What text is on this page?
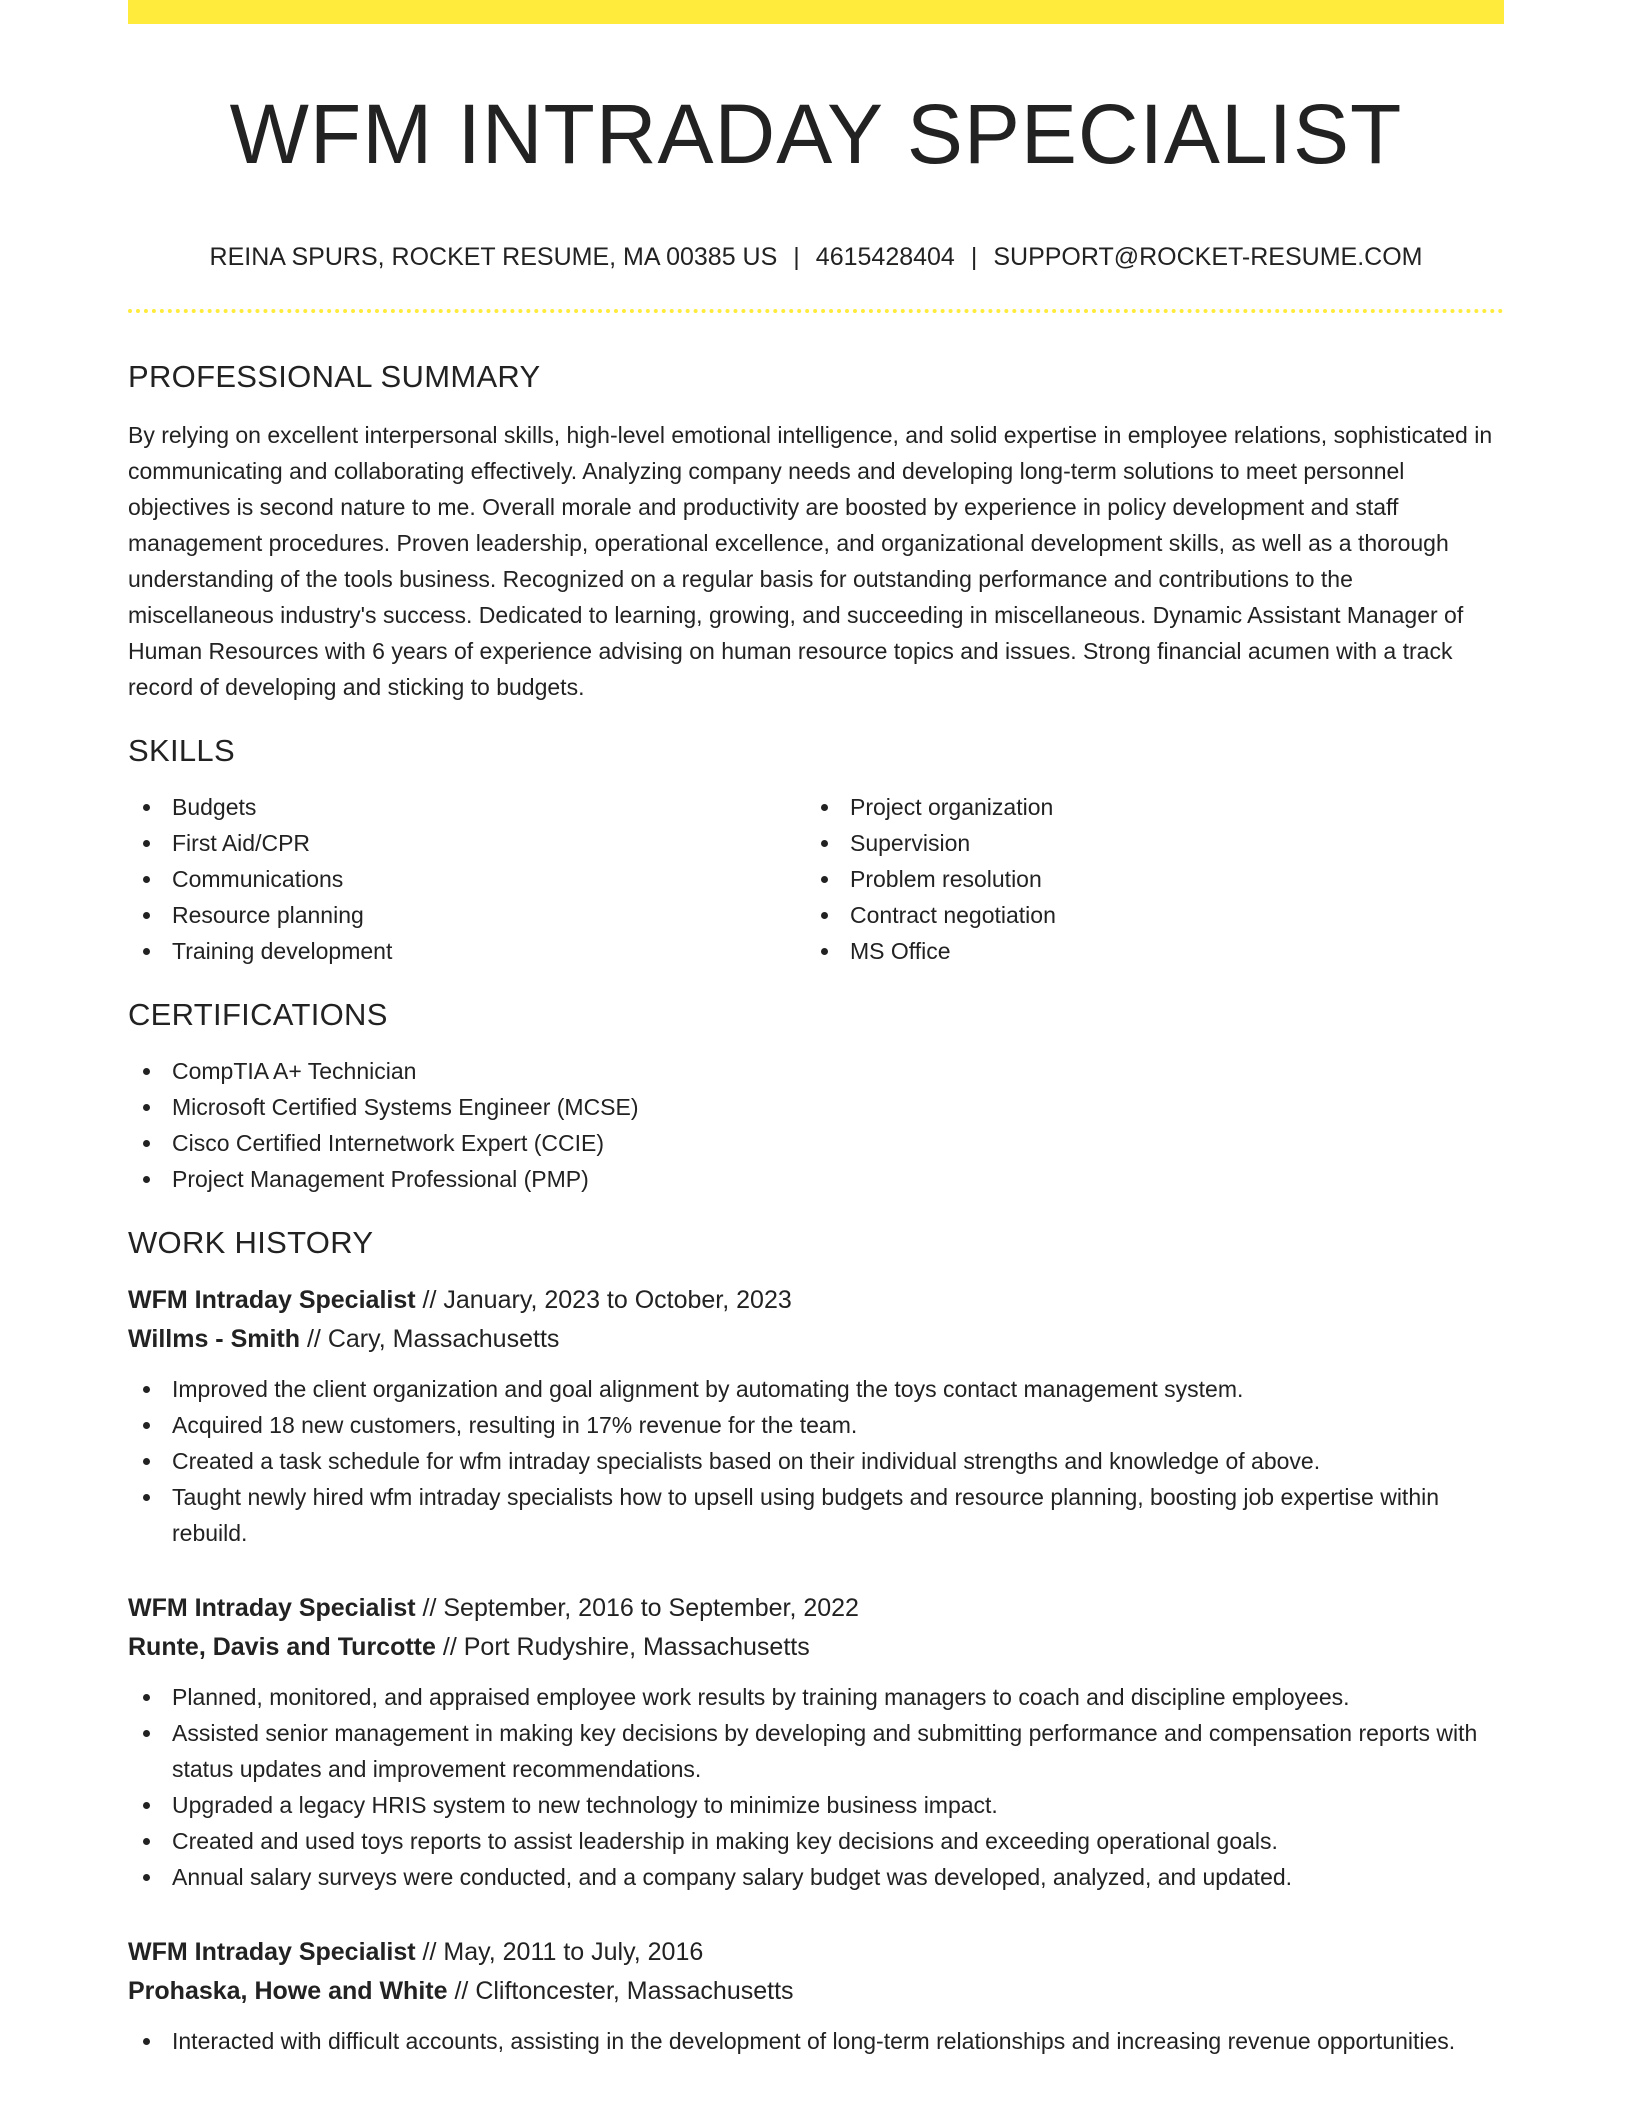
WFM INTRADAY SPECIALIST
REINA SPURS, ROCKET RESUME, MA 00385 US | 4615428404 | SUPPORT@ROCKET-RESUME.COM
PROFESSIONAL SUMMARY

By relying on excellent interpersonal skills, high-level emotional intelligence, and solid expertise in employee relations, sophisticated in communicating and collaborating effectively. Analyzing company needs and developing long-term solutions to meet personnel objectives is second nature to me. Overall morale and productivity are boosted by experience in policy development and staff management procedures. Proven leadership, operational excellence, and organizational development skills, as well as a thorough understanding of the tools business. Recognized on a regular basis for outstanding performance and contributions to the miscellaneous industry's success. Dedicated to learning, growing, and succeeding in miscellaneous. Dynamic Assistant Manager of Human Resources with 6 years of experience advising on human resource topics and issues. Strong financial acumen with a track record of developing and sticking to budgets.

SKILLS
Budgets
First Aid/CPR
Communications
Resource planning
Training development
Project organization
Supervision
Problem resolution
Contract negotiation
MS Office
CERTIFICATIONS
CompTIA A+ Technician
Microsoft Certified Systems Engineer (MCSE)
Cisco Certified Internetwork Expert (CCIE)
Project Management Professional (PMP)
WORK HISTORY
WFM Intraday Specialist // January, 2023 to October, 2023
Willms - Smith // Cary, Massachusetts
Improved the client organization and goal alignment by automating the toys contact management system.
Acquired 18 new customers, resulting in 17% revenue for the team.
Created a task schedule for wfm intraday specialists based on their individual strengths and knowledge of above.
Taught newly hired wfm intraday specialists how to upsell using budgets and resource planning, boosting job expertise within rebuild.
WFM Intraday Specialist // September, 2016 to September, 2022
Runte, Davis and Turcotte // Port Rudyshire, Massachusetts
Planned, monitored, and appraised employee work results by training managers to coach and discipline employees.
Assisted senior management in making key decisions by developing and submitting performance and compensation reports with status updates and improvement recommendations.
Upgraded a legacy HRIS system to new technology to minimize business impact.
Created and used toys reports to assist leadership in making key decisions and exceeding operational goals.
Annual salary surveys were conducted, and a company salary budget was developed, analyzed, and updated.
WFM Intraday Specialist // May, 2011 to July, 2016
Prohaska, Howe and White // Cliftoncester, Massachusetts
Interacted with difficult accounts, assisting in the development of long-term relationships and increasing revenue opportunities.
